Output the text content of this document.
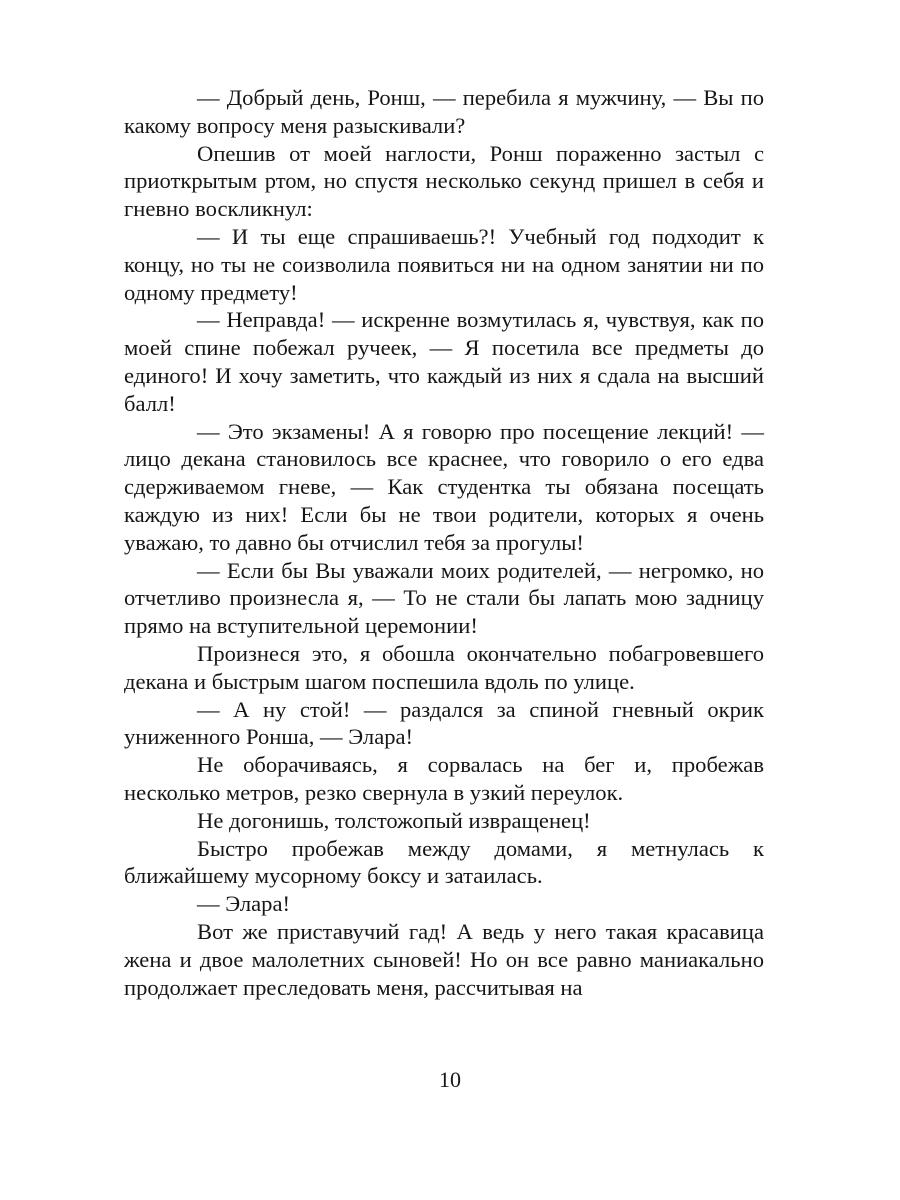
— Добрый день, Ронш, — перебила я мужчину, — Вы по какому вопросу меня разыскивали?

Опешив от моей наглости, Ронш пораженно застыл с приоткрытым ртом, но спустя несколько секунд пришел в себя и гневно воскликнул:

— И ты еще спрашиваешь?! Учебный год подходит к концу, но ты не соизволила появиться ни на одном занятии ни по одному предмету!

— Неправда! — искренне возмутилась я, чувствуя, как по моей спине побежал ручеек, — Я посетила все предметы до единого! И хочу заметить, что каждый из них я сдала на высший балл!

— Это экзамены! А я говорю про посещение лекций! — лицо декана становилось все краснее, что говорило о его едва сдерживаемом гневе, — Как студентка ты обязана посещать каждую из них! Если бы не твои родители, которых я очень уважаю, то давно бы отчислил тебя за прогулы!

— Если бы Вы уважали моих родителей, — негромко, но отчетливо произнесла я, — То не стали бы лапать мою задницу прямо на вступительной церемонии!

Произнеся это, я обошла окончательно побагровевшего декана и быстрым шагом поспешила вдоль по улице.

— А ну стой! — раздался за спиной гневный окрик униженного Ронша, — Элара!

Не оборачиваясь, я сорвалась на бег и, пробежав несколько метров, резко свернула в узкий переулок.

Не догонишь, толстожопый извращенец!

Быстро пробежав между домами, я метнулась к ближайшему мусорному боксу и затаилась.

— Элара!

Вот же приставучий гад! А ведь у него такая красавица жена и двое малолетних сыновей! Но он все равно маниакально продолжает преследовать меня, рассчитывая на

10
